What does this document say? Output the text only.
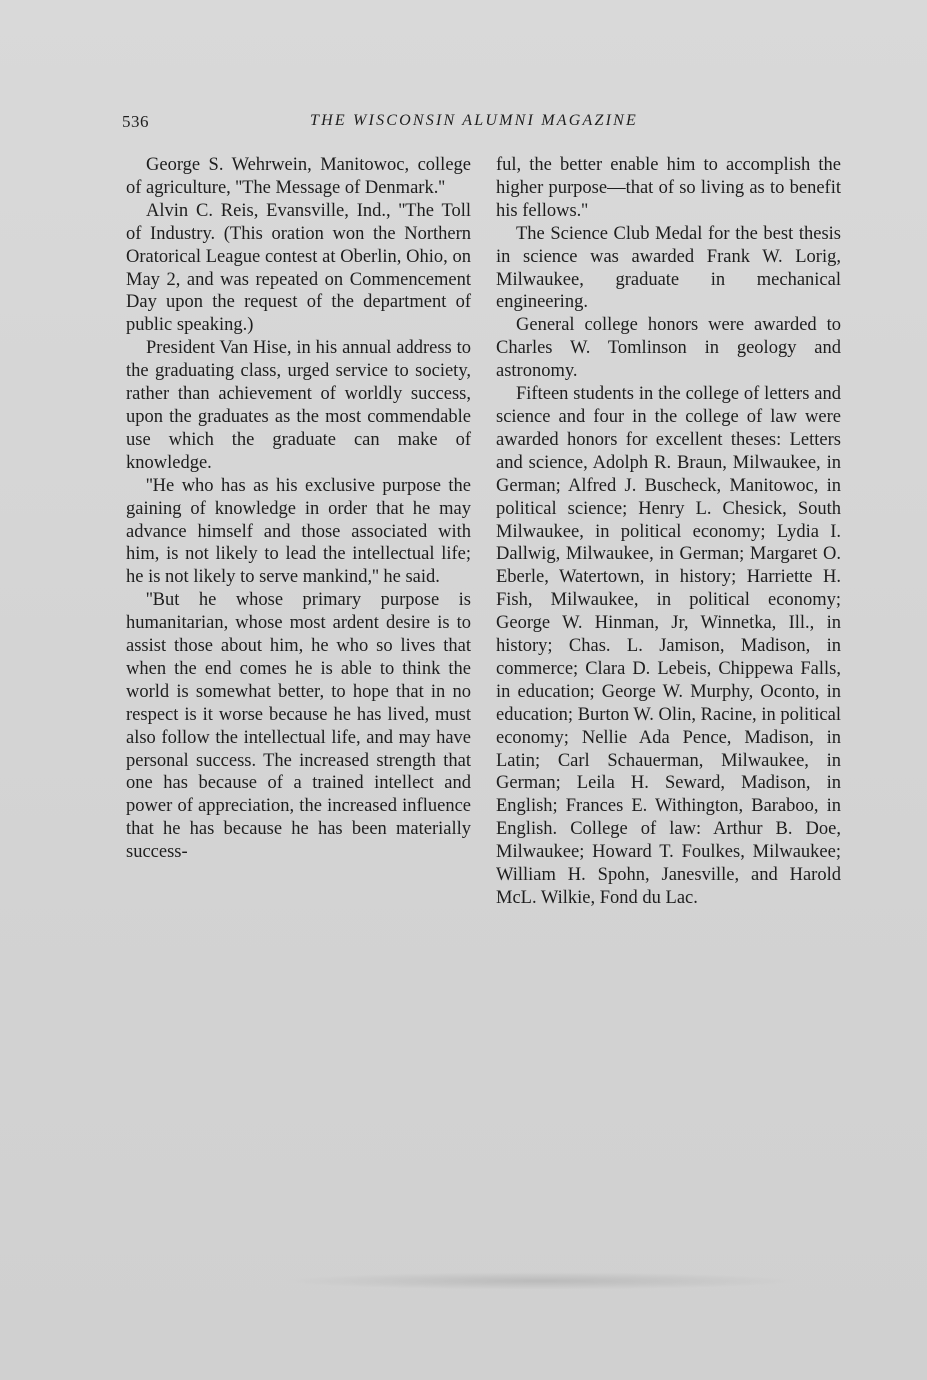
536	THE WISCONSIN ALUMNI MAGAZINE

George S. Wehrwein, Manitowoc, college of agriculture, ''The Message of Denmark.''

Alvin C. Reis, Evansville, Ind., ''The Toll of Industry. (This oration won the Northern Oratorical League contest at Oberlin, Ohio, on May 2, and was repeated on Commencement Day upon the request of the department of public speaking.)

President Van Hise, in his annual address to the graduating class, urged service to society, rather than achievement of worldly success, upon the graduates as the most commendable use which the graduate can make of knowledge.

''He who has as his exclusive purpose the gaining of knowledge in order that he may advance himself and those associated with him, is not likely to lead the intellectual life; he is not likely to serve mankind,'' he said.

''But he whose primary purpose is humanitarian, whose most ardent desire is to assist those about him, he who so lives that when the end comes he is able to think the world is somewhat better, to hope that in no respect is it worse because he has lived, must also follow the intellectual life, and may have personal success. The increased strength that one has because of a trained intellect and power of appreciation, the increased influence that he has because he has been materially success-

ful, the better enable him to accomplish the higher purpose—that of so living as to benefit his fellows.''

The Science Club Medal for the best thesis in science was awarded Frank W. Lorig, Milwaukee, graduate in mechanical engineering.

General college honors were awarded to Charles W. Tomlinson in geology and astronomy.

Fifteen students in the college of letters and science and four in the college of law were awarded honors for excellent theses: Letters and science, Adolph R. Braun, Milwaukee, in German; Alfred J. Buscheck, Manitowoc, in political science; Henry L. Chesick, South Milwaukee, in political economy; Lydia I. Dallwig, Milwaukee, in German; Margaret O. Eberle, Watertown, in history; Harriette H. Fish, Milwaukee, in political economy; George W. Hinman, Jr, Winnetka, Ill., in history; Chas. L. Jamison, Madison, in commerce; Clara D. Lebeis, Chippewa Falls, in education; George W. Murphy, Oconto, in education; Burton W. Olin, Racine, in political economy; Nellie Ada Pence, Madison, in Latin; Carl Schauerman, Milwaukee, in German; Leila H. Seward, Madison, in English; Frances E. Withington, Baraboo, in English. College of law: Arthur B. Doe, Milwaukee; Howard T. Foulkes, Milwaukee; William H. Spohn, Janesville, and Harold McL. Wilkie, Fond du Lac.
